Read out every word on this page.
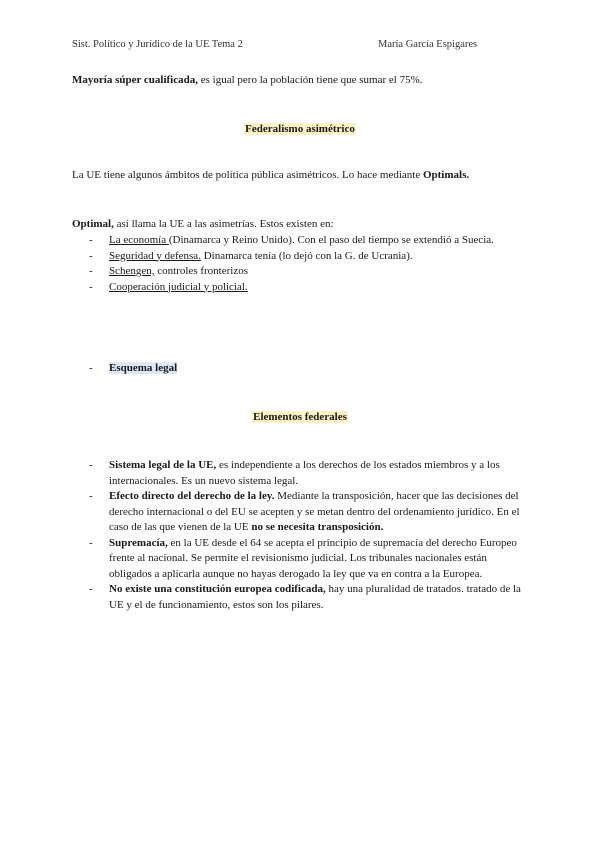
Sist. Político y Jurídico de la UE Tema 2	María García Espigares
Mayoría súper cualificada, es igual pero la población tiene que sumar el 75%.
Federalismo asimétrico
La UE tiene algunos ámbitos de política pública asimétricos. Lo hace mediante Optimals.
Optimal, así llama la UE a las asimetrías. Estos existen en:
- La economía (Dinamarca y Reino Unido). Con el paso del tiempo se extendió a Suecia.
- Seguridad y defensa. Dinamarca tenía (lo dejó con la G. de Ucrania).
- Schengen, controles fronterizos
- Cooperación judicial y policial.
- Esquema legal
Elementos federales
- Sistema legal de la UE, es independiente a los derechos de los estados miembros y a los internacionales. Es un nuevo sistema legal.
- Efecto directo del derecho de la ley. Mediante la transposición, hacer que las decisiones del derecho internacional o del EU se acepten y se metan dentro del ordenamiento jurídico. En el caso de las que vienen de la UE no se necesita transposición.
- Supremacía, en la UE desde el 64 se acepta el principio de supremacía del derecho Europeo frente al nacional. Se permite el revisionismo judicial. Los tribunales nacionales están obligados a aplicarla aunque no hayas derogado la ley que va en contra a la Europea.
- No existe una constitución europea codificada, hay una pluralidad de tratados. tratado de la UE y el de funcionamiento, estos son los pilares.
